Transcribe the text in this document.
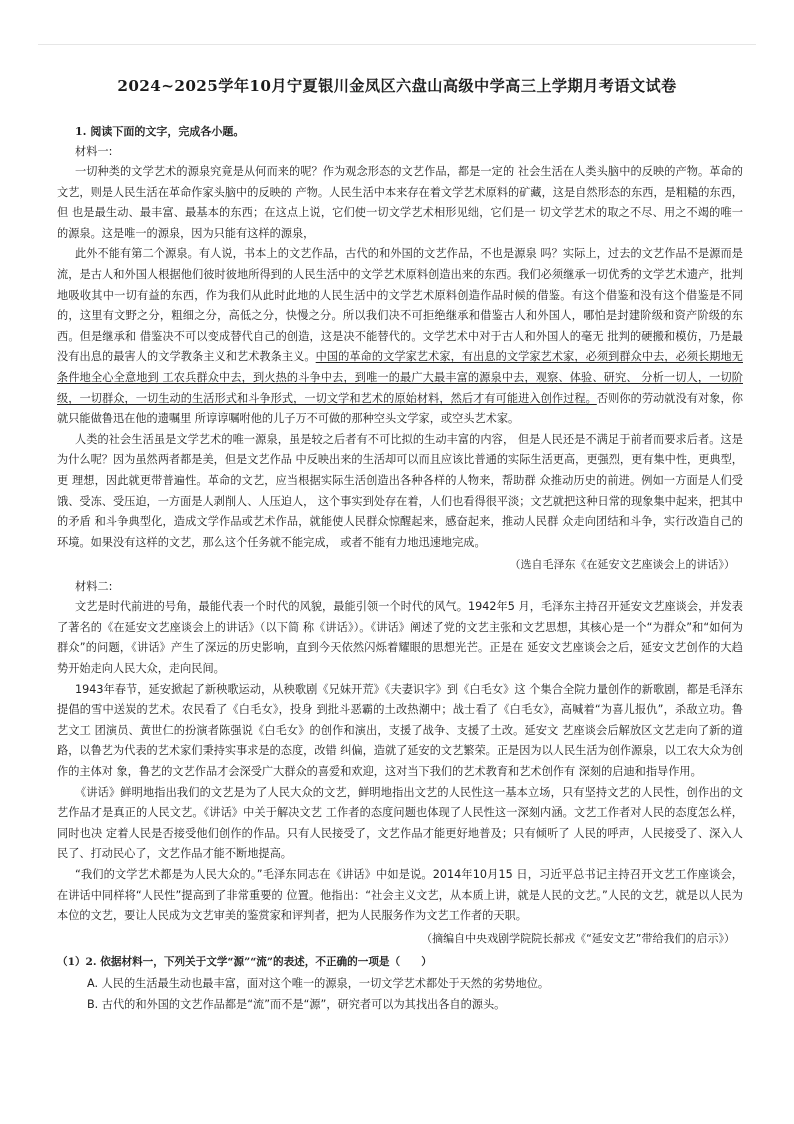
2024~2025学年10月宁夏银川金凤区六盘山高级中学高三上学期月考语文试卷
1. 阅读下面的文字，完成各小题。
材料一:

一切种类的文学艺术的源泉究竟是从何而来的呢？作为观念形态的文艺作品，都是一定的 社会生活在人类头脑中的反映的产物。革命的文艺，则是人民生活在革命作家头脑中的反映的 产物。人民生活中本来存在着文学艺术原料的矿藏，这是自然形态的东西，是粗糙的东西，但 也是最生动、最丰富、最基本的东西；在这点上说，它们使一切文学艺术相形见绌，它们是一 切文学艺术的取之不尽、用之不竭的唯一的源泉。这是唯一的源泉，因为只能有这样的源泉，

此外不能有第二个源泉。有人说，书本上的文艺作品，古代的和外国的文艺作品，不也是源泉 吗？实际上，过去的文艺作品不是源而是流，是古人和外国人根据他们彼时彼地所得到的人民生活中的文学艺术原料创造出来的东西。我们必须继承一切优秀的文学艺术遗产，批判地吸收其中一切有益的东西，作为我们从此时此地的人民生活中的文学艺术原料创造作品时候的借鉴。有这个借鉴和没有这个借鉴是不同的，这里有文野之分，粗细之分，高低之分，快慢之分。所以我们决不可拒绝继承和借鉴古人和外国人，哪怕是封建阶级和资产阶级的东西。但是继承和 借鉴决不可以变成替代自己的创造，这是决不能替代的。文学艺术中对于古人和外国人的毫无 批判的硬搬和模仿，乃是最没有出息的最害人的文学教条主义和艺术教条主义。中国的革命的文学家艺术家，有出息的文学家艺术家，必须到群众中去，必须长期地无条件地全心全意地到 工农兵群众中去，到火热的斗争中去，到唯一的最广大最丰富的源泉中去，观察、体验、研究、 分析一切人，一切阶级，一切群众，一切生动的生活形式和斗争形式，一切文学和艺术的原始材料，然后才有可能进入创作过程。否则你的劳动就没有对象，你就只能做鲁迅在他的遗嘱里 所谆谆嘱咐他的儿子万不可做的那种空头文学家，或空头艺术家。

人类的社会生活虽是文学艺术的唯一源泉，虽是较之后者有不可比拟的生动丰富的内容， 但是人民还是不满足于前者而要求后者。这是为什么呢？因为虽然两者都是美，但是文艺作品 中反映出来的生活却可以而且应该比普通的实际生活更高，更强烈，更有集中性，更典型，更 理想，因此就更带普遍性。革命的文艺，应当根据实际生活创造出各种各样的人物来，帮助群 众推动历史的前进。例如一方面是人们受饿、受冻、受压迫，一方面是人剥削人、人压迫人， 这个事实到处存在着，人们也看得很平淡；文艺就把这种日常的现象集中起来，把其中的矛盾 和斗争典型化，造成文学作品或艺术作品，就能使人民群众惊醒起来，感奋起来，推动人民群 众走向团结和斗争，实行改造自己的环境。如果没有这样的文艺，那么这个任务就不能完成， 或者不能有力地迅速地完成。

（选自毛泽东《在延安文艺座谈会上的讲话》）
材料二:

文艺是时代前进的号角，最能代表一个时代的风貌，最能引领一个时代的风气。1942年5 月，毛泽东主持召开延安文艺座谈会，并发表了著名的《在延安文艺座谈会上的讲话》（以下简 称《讲话》）。《讲话》阐述了党的文艺主张和文艺思想，其核心是一个“为群众”和“如何为 群众”的问题，《讲话》产生了深远的历史影响，直到今天依然闪烁着耀眼的思想光芒。正是在 延安文艺座谈会之后，延安文艺创作的大趋势开始走向人民大众，走向民间。

1943年春节，延安掀起了新秧歌运动，从秧歌剧《兄妹开荒》《夫妻识字》到《白毛女》这 个集合全院力量创作的新歌剧，都是毛泽东提倡的雪中送炭的艺术。农民看了《白毛女》，投身 到批斗恶霸的土改热潮中；战士看了《白毛女》，高喊着“为喜儿报仇”，杀敌立功。鲁艺文工 团演员、黄世仁的扮演者陈强说《白毛女》的创作和演出，支援了战争、支援了土改。延安文 艺座谈会后解放区文艺走向了新的道路，以鲁艺为代表的艺术家们秉持实事求是的态度，改错 纠偏，造就了延安的文艺繁荣。正是因为以人民生活为创作源泉，以工农大众为创作的主体对 象，鲁艺的文艺作品才会深受广大群众的喜爱和欢迎，这对当下我们的艺术教育和艺术创作有 深刻的启迪和指导作用。

《讲话》鲜明地指出我们的文艺是为了人民大众的文艺，鲜明地指出文艺的人民性这一基本立场，只有坚持文艺的人民性，创作出的文艺作品才是真正的人民文艺。《讲话》中关于解决文艺 工作者的态度问题也体现了人民性这一深刻内涵。文艺工作者对人民的态度怎么样，同时也决 定着人民是否接受他们创作的作品。只有人民接受了，文艺作品才能更好地普及；只有倾听了 人民的呼声，人民接受了、深入人民了、打动民心了，文艺作品才能不断地提高。

“我们的文学艺术都是为人民大众的。”毛泽东同志在《讲话》中如是说。2014年10月15 日，习近平总书记主持召开文艺工作座谈会，在讲话中同样将“人民性”提高到了非常重要的 位置。他指出：“社会主义文艺，从本质上讲，就是人民的文艺。”人民的文艺，就是以人民为 本位的文艺，要让人民成为文艺审美的鉴赏家和评判者，把为人民服务作为文艺工作者的天职。

（摘编自中央戏剧学院院长郝戎《“延安文艺”带给我们的启示》）
（1）2. 依据材料一，下列关于文学“源”“流”的表述，不正确的一项是（　　）
A. 人民的生活最生动也最丰富，面对这个唯一的源泉，一切文学艺术都处于天然的劣势地位。
B. 古代的和外国的文艺作品都是“流”而不是“源”，研究者可以为其找出各自的源头。
